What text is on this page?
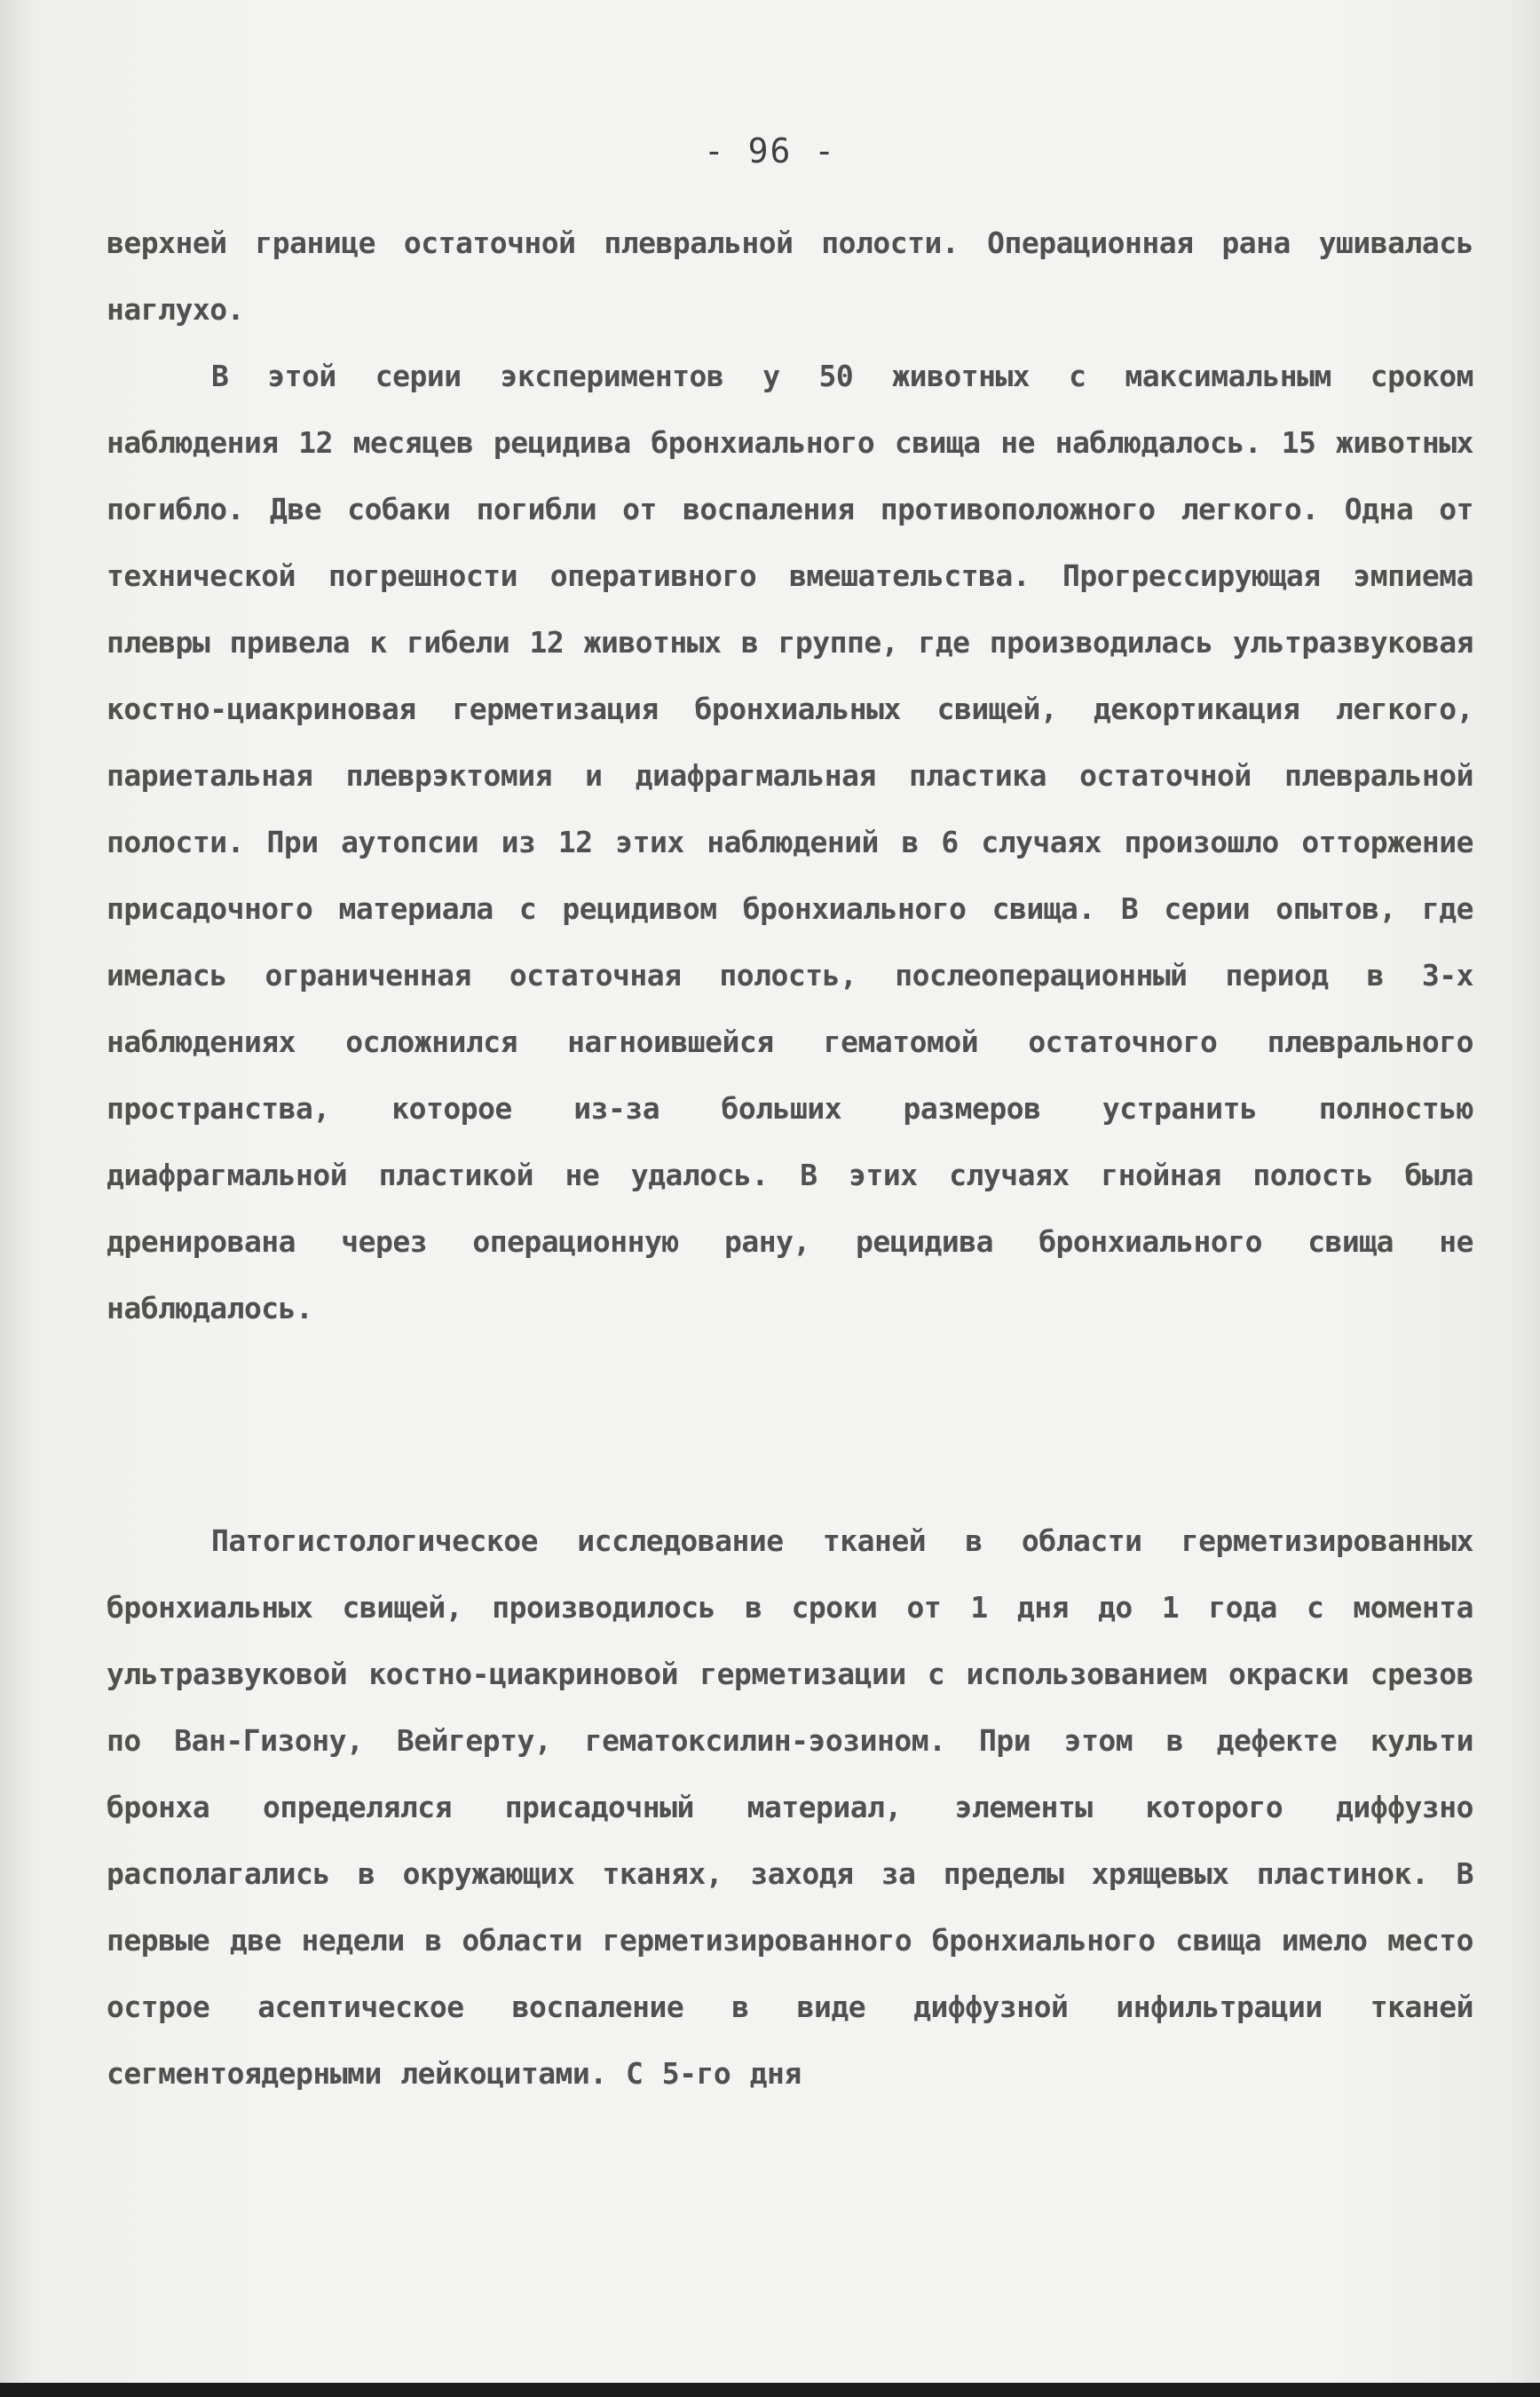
- 96 -
верхней границе остаточной плевральной полости. Операционная рана ушивалась наглухо.
В этой серии экспериментов у 50 животных с максимальным сроком наблюдения 12 месяцев рецидива бронхиального свища не наблюдалось. 15 животных погибло. Две собаки погибли от воспаления противоположного легкого. Одна от технической погрешности оперативного вмешательства. Прогрессирующая эмпиема плевры привела к гибели 12 животных в группе, где производилась ультразвуковая костно-циакриновая герметизация бронхиальных свищей, декортикация легкого, париетальная плеврэктомия и диафрагмальная пластика остаточной плевральной полости. При аутопсии из 12 этих наблюдений в 6 случаях произошло отторжение присадочного материала с рецидивом бронхиального свища. В серии опытов, где имелась ограниченная остаточная полость, послеоперационный период в 3-х наблюдениях осложнился нагноившейся гематомой остаточного плеврального пространства, которое из-за больших размеров устранить полностью диафрагмальной пластикой не удалось. В этих случаях гнойная полость была дренирована через операционную рану, рецидива бронхиального свища не наблюдалось.
Патогистологическое исследование тканей в области герметизированных бронхиальных свищей, производилось в сроки от 1 дня до 1 года с момента ультразвуковой костно-циакриновой герметизации с использованием окраски срезов по Ван-Гизону, Вейгерту, гематоксилин-эозином. При этом в дефекте культи бронха определялся присадочный материал, элементы которого диффузно располагались в окружающих тканях, заходя за пределы хрящевых пластинок. В первые две недели в области герметизированного бронхиального свища имело место острое асептическое воспаление в виде диффузной инфильтрации тканей сегментоядерными лейкоцитами. С 5-го дня
